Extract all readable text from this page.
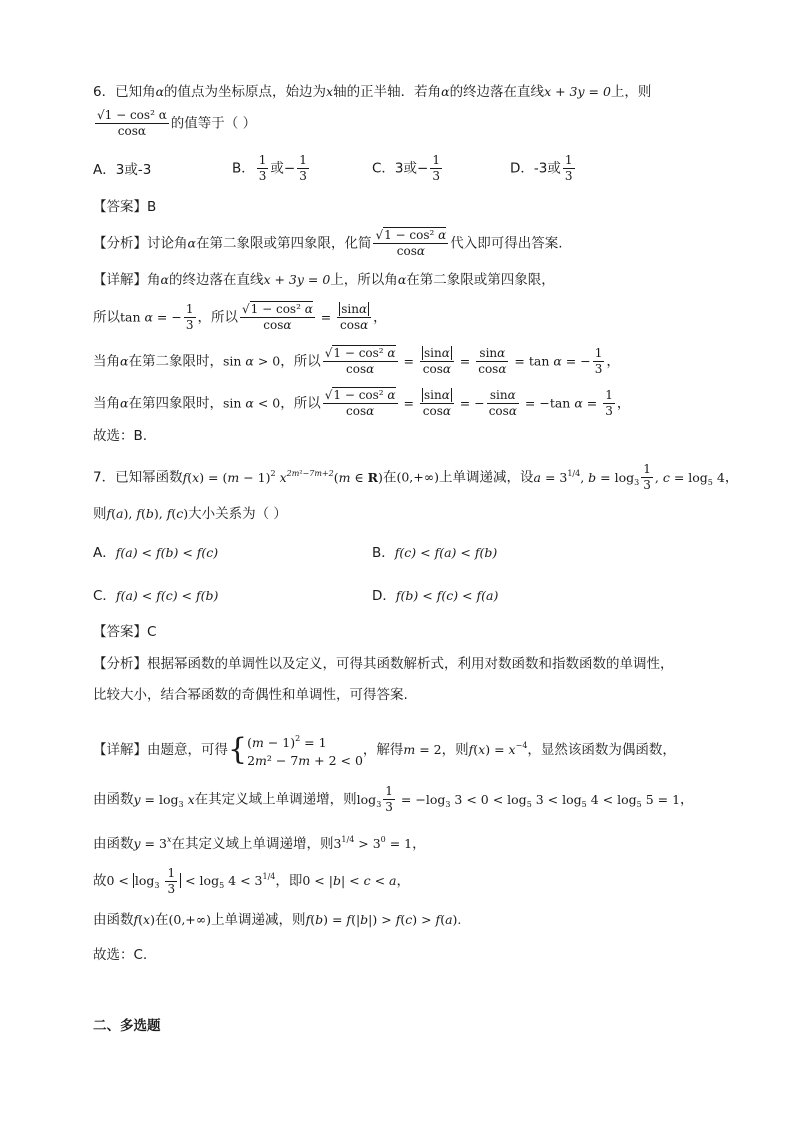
6．已知角α的值点为坐标原点，始边为x轴的正半轴．若角α的终边落在直线x + 3y = 0上，则
$\frac{\text{√1 − cos² α}}{\cos\alpha}$ 的值等于（ ）
A．3或-3	B． $\frac{1}{3}$ 或− $\frac{1}{3}$	C．3或− $\frac{1}{3}$	D．-3或 $\frac{1}{3}$
【答案】B
【分析】讨论角α在第二象限或第四象限，化简 $\frac{\text{√1 − cos² α}}{\cos\alpha}$ 代入即可得出答案.
【详解】角α的终边落在直线x + 3y = 0上，所以角α在第二象限或第四象限，
所以tan α = − $\frac{1}{3}$ ，所以 $\frac{\text{√1 − cos² α}}{\cos\alpha} = \frac{\sin\alpha}{\cos\alpha}$ ，
当角α在第二象限时，sin α > 0，所以 $\frac{\text{√1 − cos² α}}{\cos\alpha} = \frac{\sin\alpha}{\cos\alpha} = \frac{\sin\alpha}{\cos\alpha} = \tan \alpha$ = − $\frac{1}{3}$ ，
当角α在第四象限时，sin α < 0，所以 $\frac{\text{√1 − cos² α}}{\cos\alpha} = \frac{\sin\alpha}{\cos\alpha}$ = − $\frac{\sin\alpha}{\cos\alpha} = -\tan$ $\alpha = \frac{1}{3}$ ，
故选：B.
7．已知幂函数$f(x) = (m - 1)^2$ $x^{2m^2-7m+2}(m$ ∈ R)在(0,+∞)上单调递减，设$a = 3^{1/4}$, $b = \log_3 \frac{1}{3}$ , $c = \log_5 4$，
则f(a), f(b), f(c)大小关系为（ ）
A．f(a) < f(b) < f(c)	B．f(c) < f(a) < f(b)
C．f(a) < f(c) < f(b)	D．f(b) < f(c) < f(a)
【答案】C
【分析】根据幂函数的单调性以及定义，可得其函数解析式，利用对数函数和指数函数的单调性，
比较大小，结合幂函数的奇偶性和单调性，可得答案.
【详解】由题意，可得{ $(m - 1)^2 = 1$
2m² − 7m + 2 < 0
，解得m = 2，则$f(x) = x^{-4}$，显然该函数为偶函数，
由函数$y = \log_3 x$在其定义域上单调递增，则$\log_3 \frac{1}{3} = -\log_3$ $3 < 0 < \log_5 3 < \log_5 4 < \log_5 5 = 1$，
由函数$y = 3^x$在其定义域上单调递增，则$3^{1/4} > 3^0 = 1$，
故$0 < \log_3 \frac{1}{3} < \log_5 4 < 3^{1/4}$，即0 < |b| < c < a，
由函数f(x)在(0,+∞)上单调递减，则f(b) = f(|b|) > f(c) > f(a).
故选：C.
二、多选题
